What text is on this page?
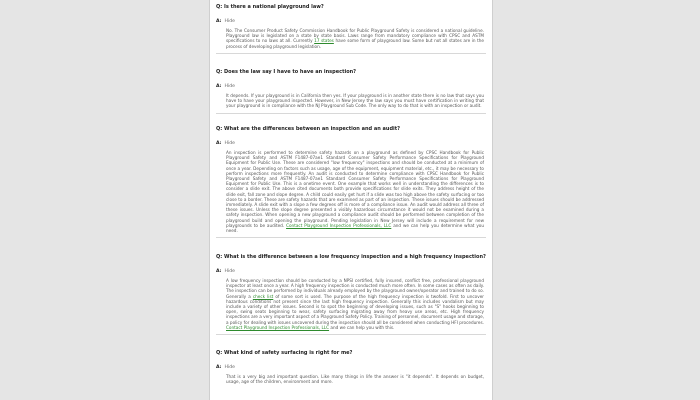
Q: Is there a national playground law?
A: Hide
No. The Consumer Product Safety Commission Handbook for Public Playground Safety is considered a national guideline. Playground law is legislated on a state by state basis. Laws range from mandatory compliance with CPSC and ASTM specifications to no laws at all. Currently 17 states have some form of playground law. Some but not all states are in the process of developing playground legislation.
Q: Does the law say I have to have an inspection?
A: Hide
It depends. If your playground is in California then yes. If your playground is in another state there is no law that says you have to have your playground inspected. However, in New Jersey the law says you must have certification in writing that your playground is in compliance with the NJ Playground Sub Code. The only way to do that is with an inspection or audit.
Q: What are the differences between an inspection and an audit?
A: Hide
An inspection is performed to determine safety hazards on a playground as defined by CPSC Handbook for Public Playground Safety and ASTM F1487-07ae1 Standard Consumer Safety Performance Specifications for Playground Equipment for Public Use. These are considered "low frequency" inspections and should be conducted at a minimum of once a year. Depending on factors such as usage, age of the equipment, equipment material, etc., it may be necessary to perform inspections more frequently. An audit is conducted to determine compliance with CPSC Handbook for Public Playground Safety and ASTM F1487-07ae1 Standard Consumer Safety Performance Specifications for Playground Equipment for Public Use. This is a onetime event. One example that works well in understanding the differences is to consider a slide exit. The above cited documents both provide specifications for slide exits. They address height of the slide exit, fall zone and slope degree. A child could easily get hurt if a slide was too high above the safety surfacing or too close to a border. These are safety hazards that are examined as part of an inspection. These issues should be addressed immediately. A slide exit with a slope a few degrees off is more of a compliance issue. An audit would address all three of these issues. Unless the slope degree presented a visibly hazardous circumstance it would not be examined during a safety inspection. When opening a new playground a compliance audit should be performed between completion of the playground build and opening the playground. Pending legislation in New Jersey will include a requirement for new playgrounds to be audited. Contact Playground Inspection Professionals, LLC and we can help you determine what you need.
Q: What is the difference between a low frequency inspection and a high frequency inspection?
A: Hide
A low frequency inspection should be conducted by a NPSI certified, fully insured, conflict free, professional playground inspector at least once a year. A high frequency inspection is conducted much more often. In some cases as often as daily. The inspection can be performed by individuals already employed by the playground owner/operator and trained to do so. Generally a check list of some sort is used. The purpose of the high frequency inspection is twofold. First to uncover hazardous conditions not present since the last high frequency inspection. Generally this includes vandalism but may include a variety of other issues. Second is to spot the beginning of developing issues, such as "S" hooks beginning to open, swing seats beginning to wear, safety surfacing migrating away from heavy use areas, etc. High frequency inspections are a very important aspect of a Playground Safety Policy. Training of personnel, document usage and storage, a policy for dealing with issues uncovered during the inspection should all be considered when conducting HFI procedures. Contact Playground Inspection Professionals, LLC and we can help you with this.
Q: What kind of safety surfacing is right for me?
A: Hide
That is a very big and important question. Like many things in life the answer is "it depends". It depends on budget, usage, age of the children, environment and more.
